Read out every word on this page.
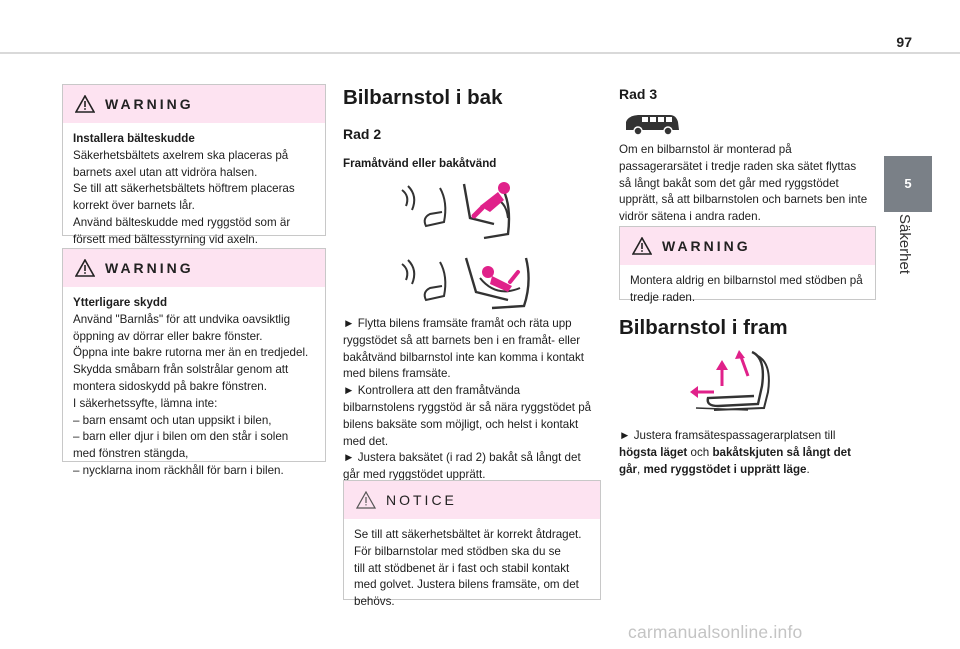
97
5
Säkerhet
WARNING
Installera bälteskudde
Säkerhetsbältets axelrem ska placeras på
barnets axel utan att vidröra halsen.
Se till att säkerhetsbältets höftrem placeras
korrekt över barnets lår.
Använd bälteskudde med ryggstöd som är
försett med bältesstyrning vid axeln.
WARNING
Ytterligare skydd
Använd "Barnlås" för att undvika oavsiktlig
öppning av dörrar eller bakre fönster.
Öppna inte bakre rutorna mer än en tredjedel.
Skydda småbarn från solstrålar genom att
montera sidoskydd på bakre fönstren.
I säkerhetssyfte, lämna inte:
– barn ensamt och utan uppsikt i bilen,
– barn eller djur i bilen om den står i solen
med fönstren stängda,
– nycklarna inom räckhåll för barn i bilen.
Bilbarnstol i bak
Rad 2
Framåtvänd eller bakåtvänd
► Flytta bilens framsäte framåt och räta upp
ryggstödet så att barnets ben i en framåt- eller
bakåtvänd bilbarnstol inte kan komma i kontakt
med bilens framsäte.
► Kontrollera att den framåtvända
bilbarnstolens ryggstöd är så nära ryggstödet på
bilens baksäte som möjligt, och helst i kontakt
med det.
► Justera baksätet (i rad 2) bakåt så långt det
går med ryggstödet upprätt.
NOTICE
Se till att säkerhetsbältet är korrekt åtdraget.
För bilbarnstolar med stödben ska du se
till att stödbenet är i fast och stabil kontakt
med golvet. Justera bilens framsäte, om det
behövs.
Rad 3
Om en bilbarnstol är monterad på
passagerarsätet i tredje raden ska sätet flyttas
så långt bakåt som det går med ryggstödet
upprätt, så att bilbarnstolen och barnets ben inte
vidrör sätena i andra raden.
WARNING
Montera aldrig en bilbarnstol med stödben på
tredje raden.
Bilbarnstol i fram
► Justera framsätespassagerarplatsen till
högsta läget och bakåtskjuten så långt det
går, med ryggstödet i upprätt läge.
carmanualsonline.info
